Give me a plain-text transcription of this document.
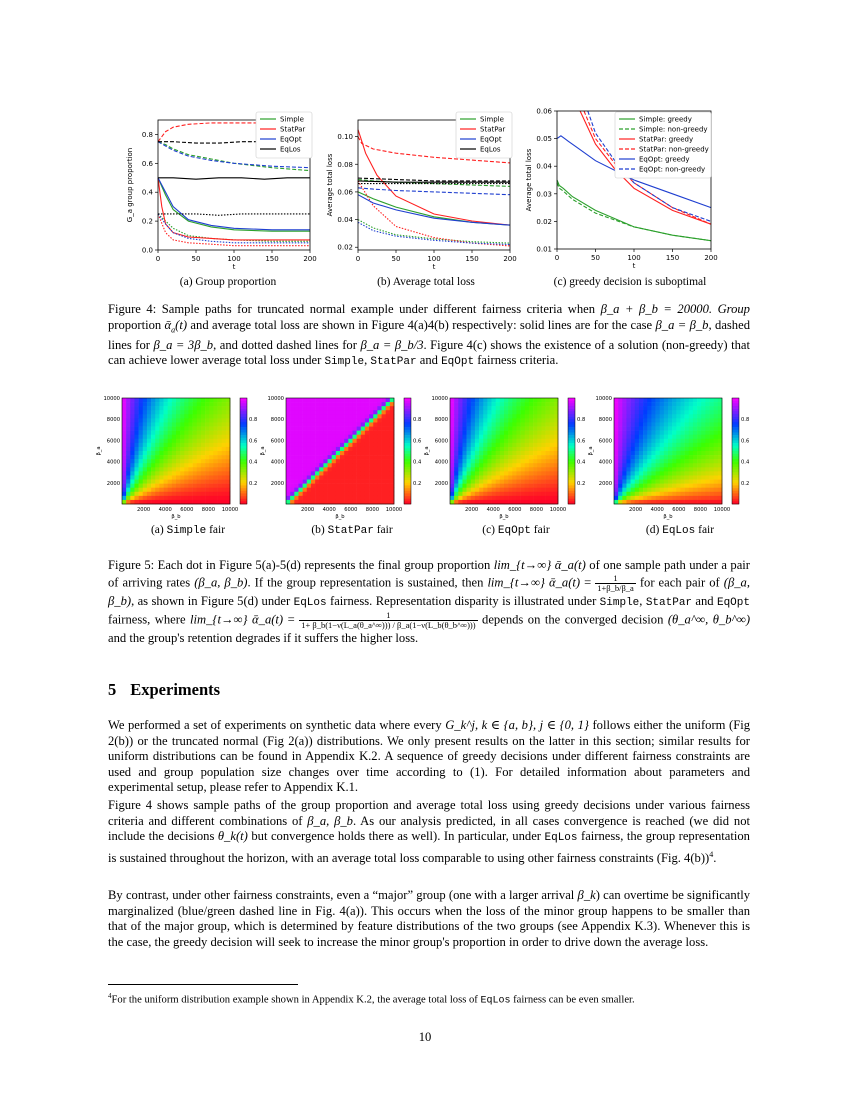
0	50	100	150	200
0.0
0.2
0.4
0.6
0.8
t
G_a group proportion
Simple
StatPar
EqOpt
EqLos
0	50	100	150	200
0.02
0.04
0.06
0.08
0.10
t
Average total loss
Simple
StatPar
EqOpt
EqLos
0	50	100	150	200
0.01
0.02
0.03
0.04
0.05
0.06
t
Average total loss
Simple: greedy
Simple: non-greedy
StatPar: greedy
StatPar: non-greedy
EqOpt: greedy
EqOpt: non-greedy
(a) Group proportion	(b) Average total loss	(c) greedy decision is suboptimal
Figure 4: Sample paths for truncated normal example under different fairness criteria when β_a + β_b = 20000. Group proportion ᾱ$_a$(t) and average total loss are shown in Figure 4(a)4(b) respectively: solid lines are for the case β_a = β_b, dashed lines for β_a = 3β_b, and dotted dashed lines for β_a = β_b/3. Figure 4(c) shows the existence of a solution (non-greedy) that can achieve lower average total loss under Simple, StatPar and EqOpt fairness criteria.
2000 4000 6000 8000 10000
2000
4000
6000
8000
10000
β_b
β_a
0.2
0.4
0.6
0.8
2000 4000 6000 8000 10000
2000
4000
6000
8000
10000
β_b
β_a
0.2
0.4
0.6
0.8
2000 4000 6000 8000 10000
2000
4000
6000
8000
10000
β_b
β_a
0.2
0.4
0.6
0.8
2000 4000 6000 8000 10000
2000
4000
6000
8000
10000
β_b
β_a
0.2
0.4
0.6
0.8
(a) Simple fair	(b) StatPar fair	(c) EqOpt fair	(d) EqLos fair
Figure 5: Each dot in Figure 5(a)-5(d) represents the final group proportion lim_{t→∞} ᾱ_a(t) of one sample path under a pair of arriving rates (β_a, β_b). If the group representation is sustained, then lim_{t→∞} ᾱ_a(t) = $\frac{1}{1+\beta\_b/\beta\_a}$ for each pair of (β_a, β_b), as shown in Figure 5(d) under EqLos fairness. Representation disparity is illustrated under Simple, StatPar and EqOpt fairness, where lim_{t→∞} ᾱ_a(t) = $\frac{1}{1+ \beta\_b(1-\nu(L\_a(\theta\_a\^{}\infty))) / \beta\_a(1-\nu(L\_b(\theta\_b\^{}\infty)))}$ depends on the converged decision (θ_a^∞, θ_b^∞) and the group's retention degrades if it suffers the higher loss.
5 Experiments

We performed a set of experiments on synthetic data where every G_k^j, k ∈ {a, b}, j ∈ {0, 1} follows either the uniform (Fig 2(b)) or the truncated normal (Fig 2(a)) distributions. We only present results on the latter in this section; similar results for uniform distributions can be found in Appendix K.2. A sequence of greedy decisions under different fairness constraints are used and group population size changes over time according to (1). For detailed information about parameters and experimental setup, please refer to Appendix K.1.

Figure 4 shows sample paths of the group proportion and average total loss using greedy decisions under various fairness criteria and different combinations of β_a, β_b. As our analysis predicted, in all cases convergence is reached (we did not include the decisions θ_k(t) but convergence holds there as well). In particular, under EqLos fairness, the group representation is sustained throughout the horizon, with an average total loss comparable to using other fairness constraints (Fig. 4(b))$^4$.

By contrast, under other fairness constraints, even a “major” group (one with a larger arrival β_k) can overtime be significantly marginalized (blue/green dashed line in Fig. 4(a)). This occurs when the loss of the minor group happens to be smaller than that of the major group, which is determined by feature distributions of the two groups (see Appendix K.3). Whenever this is the case, the greedy decision will seek to increase the minor group's proportion in order to drive down the average loss.

$^4$For the uniform distribution example shown in Appendix K.2, the average total loss of EqLos fairness can be even smaller.
10
